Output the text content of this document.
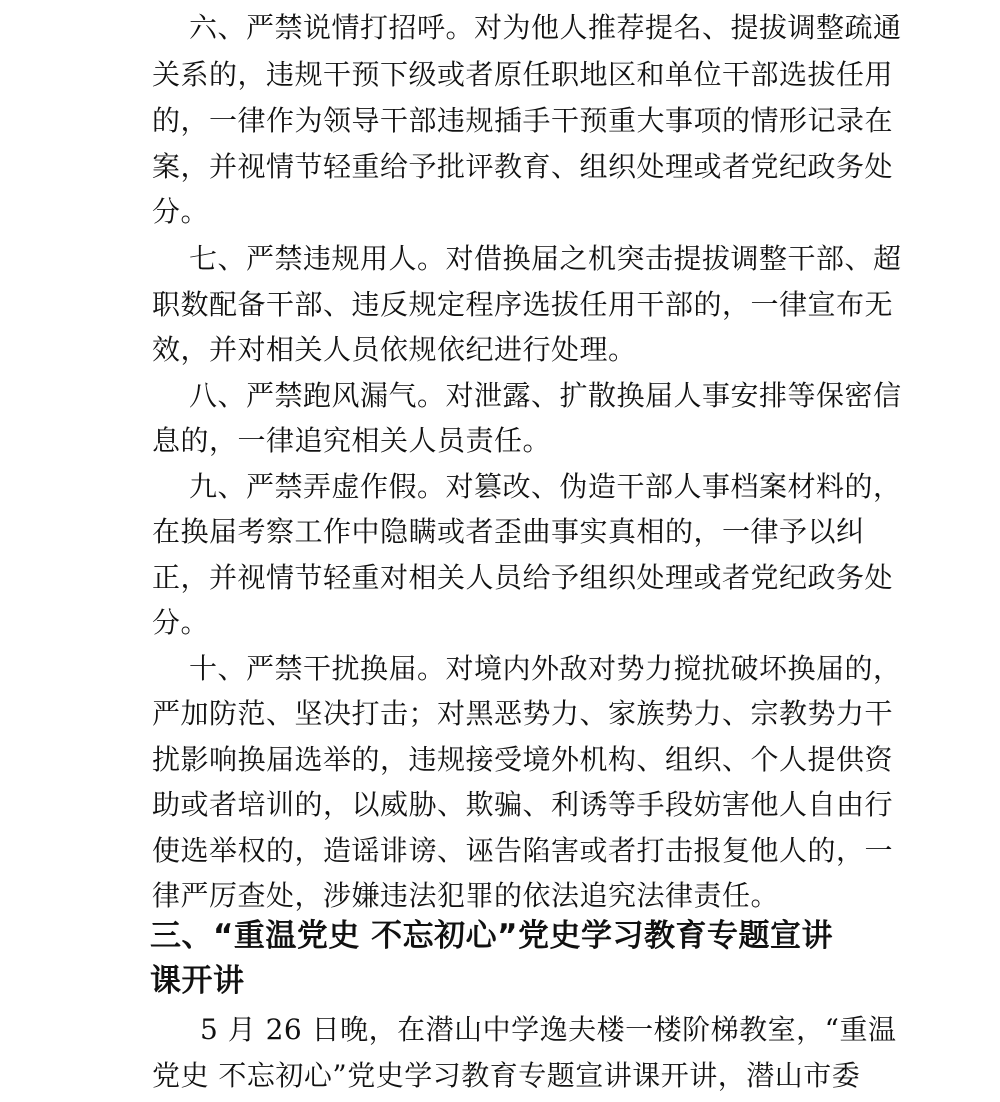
六、严禁说情打招呼。对为他人推荐提名、提拔调整疏通
关系的，违规干预下级或者原任职地区和单位干部选拔任用
的，一律作为领导干部违规插手干预重大事项的情形记录在
案，并视情节轻重给予批评教育、组织处理或者党纪政务处
分。
七、严禁违规用人。对借换届之机突击提拔调整干部、超
职数配备干部、违反规定程序选拔任用干部的，一律宣布无
效，并对相关人员依规依纪进行处理。
八、严禁跑风漏气。对泄露、扩散换届人事安排等保密信
息的，一律追究相关人员责任。
九、严禁弄虚作假。对篡改、伪造干部人事档案材料的，
在换届考察工作中隐瞒或者歪曲事实真相的，一律予以纠
正，并视情节轻重对相关人员给予组织处理或者党纪政务处
分。
十、严禁干扰换届。对境内外敌对势力搅扰破坏换届的，
严加防范、坚决打击；对黑恶势力、家族势力、宗教势力干
扰影响换届选举的，违规接受境外机构、组织、个人提供资
助或者培训的，以威胁、欺骗、利诱等手段妨害他人自由行
使选举权的，造谣诽谤、诬告陷害或者打击报复他人的，一
律严厉查处，涉嫌违法犯罪的依法追究法律责任。
三、“重温党史 不忘初心”党史学习教育专题宣讲
课开讲
5 月 26 日晚，在潜山中学逸夫楼一楼阶梯教室，“重温
党史 不忘初心”党史学习教育专题宣讲课开讲，潜山市委
